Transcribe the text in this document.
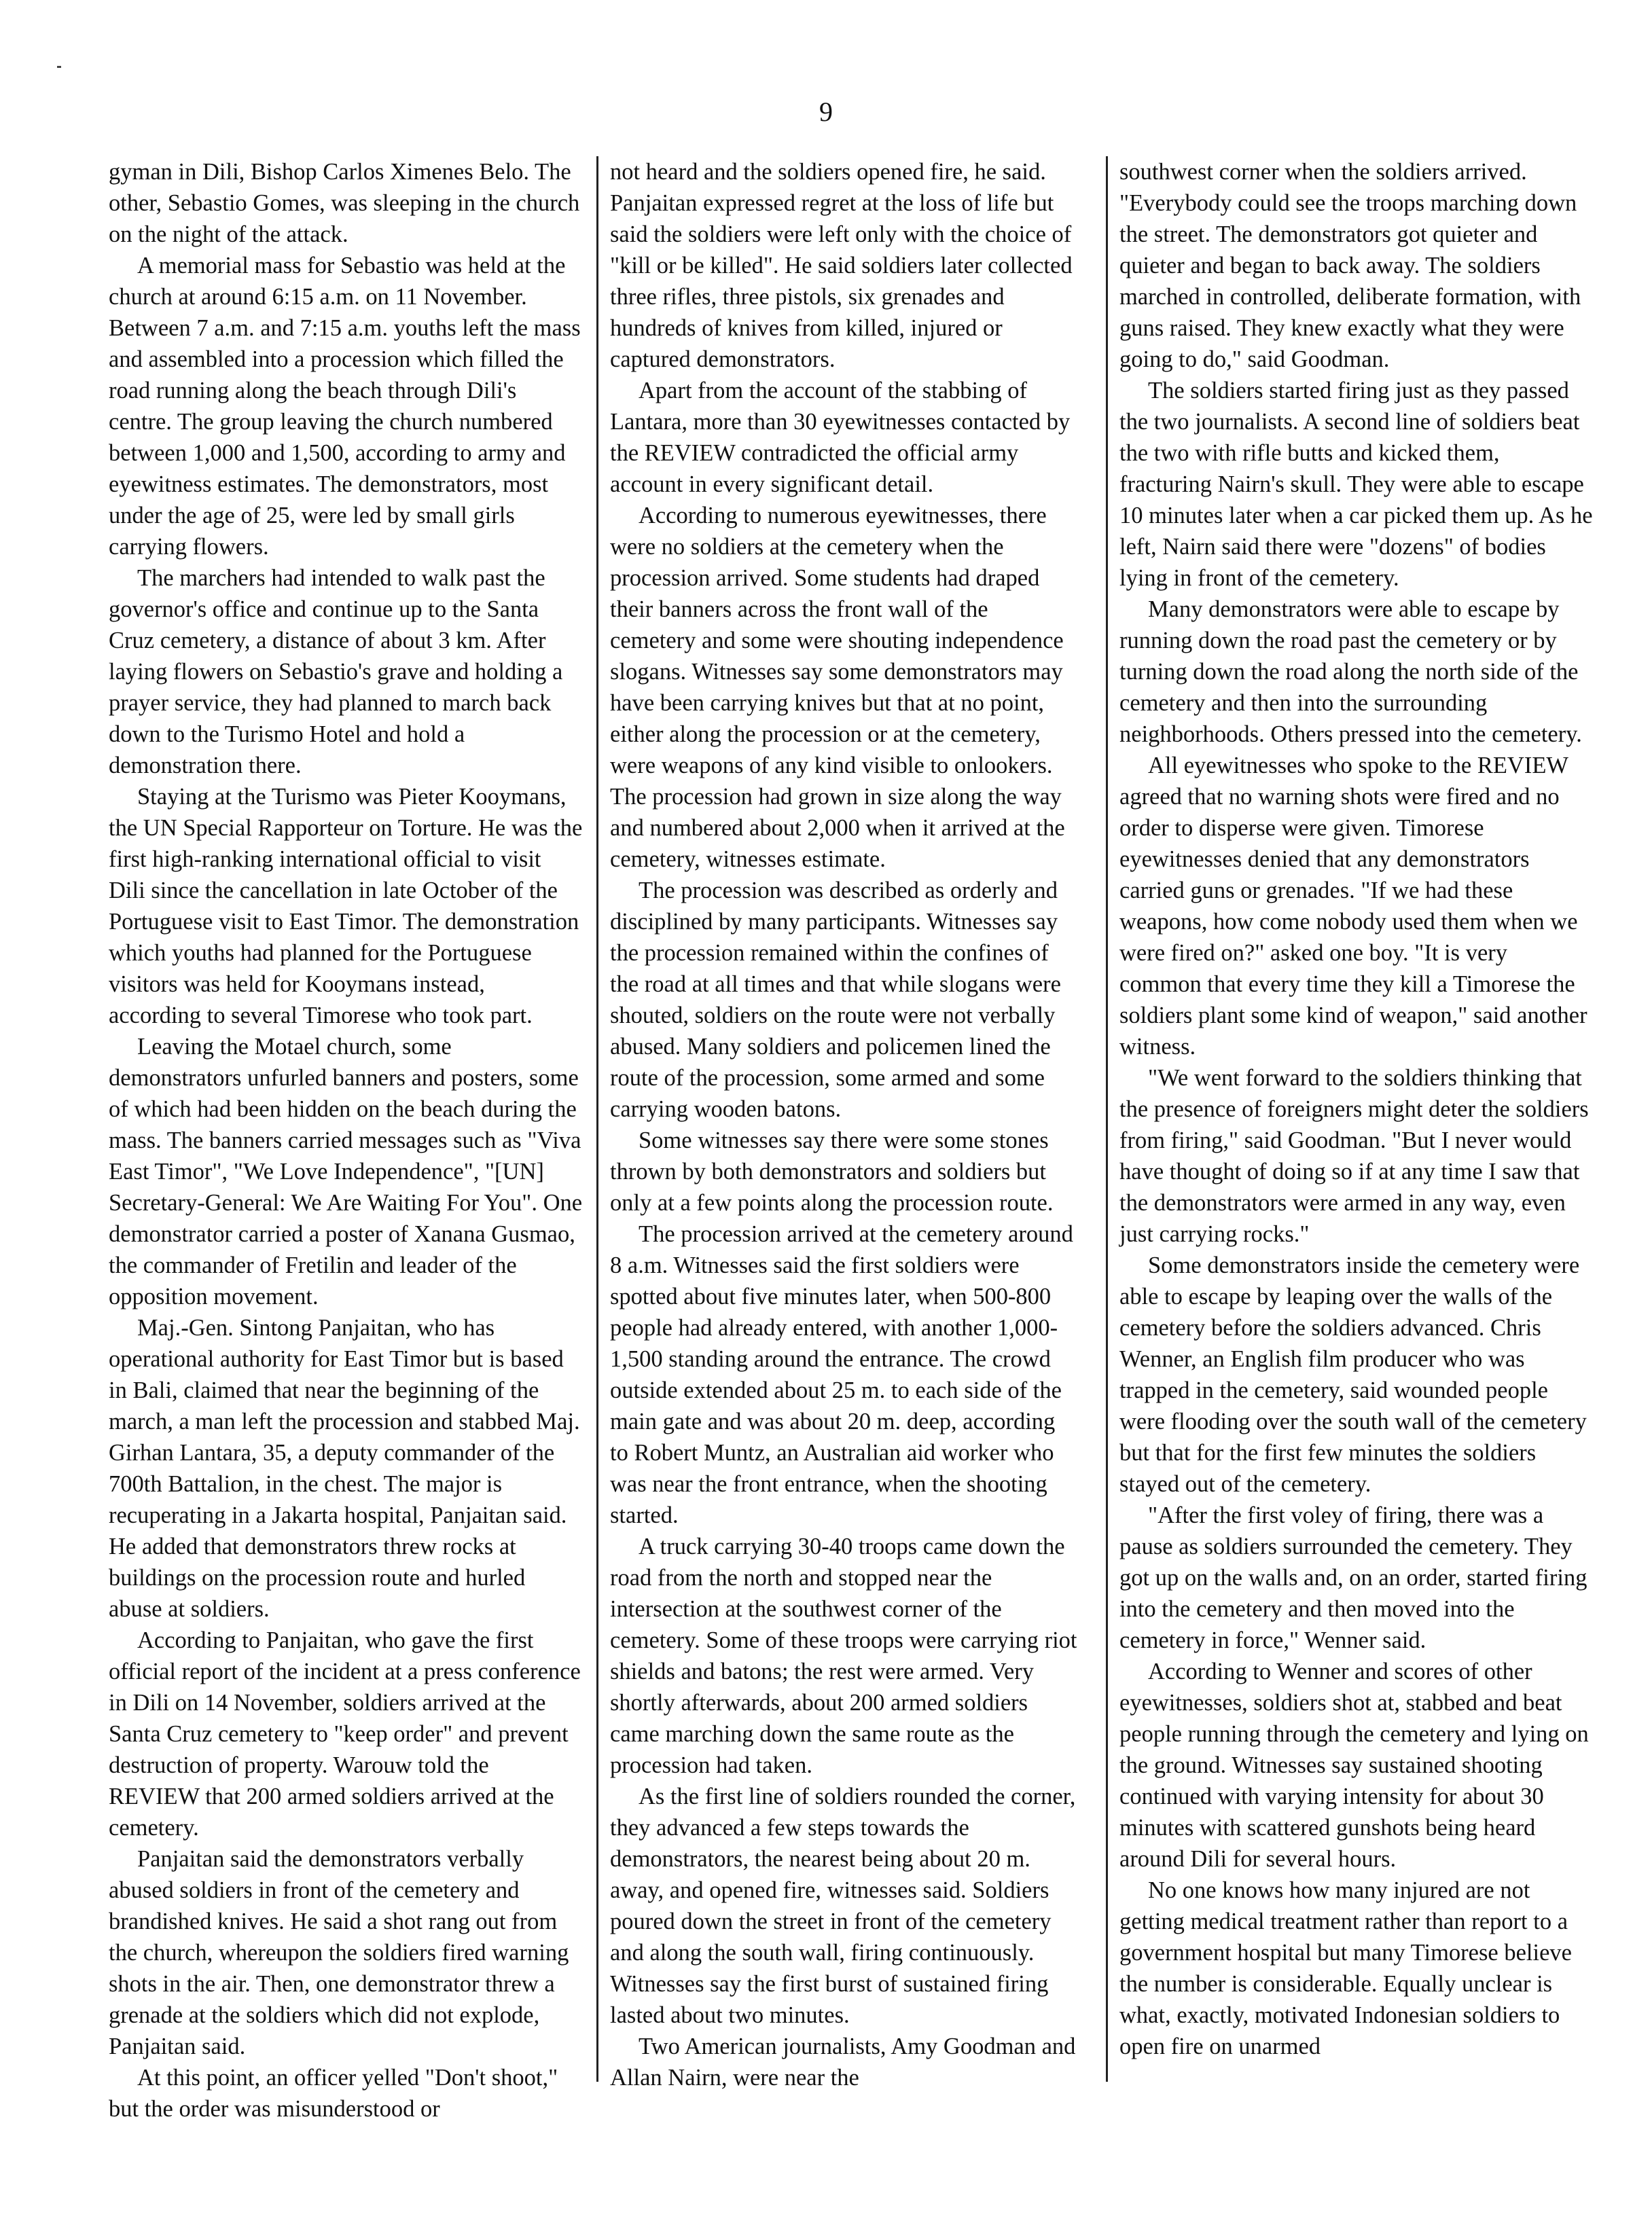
9

gyman in Dili, Bishop Carlos Ximenes Belo. The other, Sebastio Gomes, was sleeping in the church on the night of the attack.

A memorial mass for Sebastio was held at the church at around 6:15 a.m. on 11 November. Between 7 a.m. and 7:15 a.m. youths left the mass and assembled into a procession which filled the road running along the beach through Dili's centre. The group leaving the church numbered between 1,000 and 1,500, according to army and eyewitness estimates. The demonstrators, most under the age of 25, were led by small girls carrying flowers.

The marchers had intended to walk past the governor's office and continue up to the Santa Cruz cemetery, a distance of about 3 km. After laying flowers on Sebastio's grave and holding a prayer service, they had planned to march back down to the Turismo Hotel and hold a demonstration there.

Staying at the Turismo was Pieter Kooymans, the UN Special Rapporteur on Torture. He was the first high-ranking international official to visit Dili since the cancellation in late October of the Portuguese visit to East Timor. The demonstration which youths had planned for the Portuguese visitors was held for Kooymans instead, according to several Timorese who took part.

Leaving the Motael church, some demonstrators unfurled banners and posters, some of which had been hidden on the beach during the mass. The banners carried messages such as "Viva East Timor", "We Love Independence", "[UN] Secretary-General: We Are Waiting For You". One demonstrator carried a poster of Xanana Gusmao, the commander of Fretilin and leader of the opposition movement.

Maj.-Gen. Sintong Panjaitan, who has operational authority for East Timor but is based in Bali, claimed that near the beginning of the march, a man left the procession and stabbed Maj. Girhan Lantara, 35, a deputy commander of the 700th Battalion, in the chest. The major is recuperating in a Jakarta hospital, Panjaitan said. He added that demonstrators threw rocks at buildings on the procession route and hurled abuse at soldiers.

According to Panjaitan, who gave the first official report of the incident at a press conference in Dili on 14 November, soldiers arrived at the Santa Cruz cemetery to "keep order" and prevent destruction of property. Warouw told the REVIEW that 200 armed soldiers arrived at the cemetery.

Panjaitan said the demonstrators verbally abused soldiers in front of the cemetery and brandished knives. He said a shot rang out from the church, whereupon the soldiers fired warning shots in the air. Then, one demonstrator threw a grenade at the soldiers which did not explode, Panjaitan said.

At this point, an officer yelled "Don't shoot," but the order was misunderstood or

not heard and the soldiers opened fire, he said. Panjaitan expressed regret at the loss of life but said the soldiers were left only with the choice of "kill or be killed". He said soldiers later collected three rifles, three pistols, six grenades and hundreds of knives from killed, injured or captured demonstrators.

Apart from the account of the stabbing of Lantara, more than 30 eyewitnesses contacted by the REVIEW contradicted the official army account in every significant detail.

According to numerous eyewitnesses, there were no soldiers at the cemetery when the procession arrived. Some students had draped their banners across the front wall of the cemetery and some were shouting independence slogans. Witnesses say some demonstrators may have been carrying knives but that at no point, either along the procession or at the cemetery, were weapons of any kind visible to onlookers. The procession had grown in size along the way and numbered about 2,000 when it arrived at the cemetery, witnesses estimate.

The procession was described as orderly and disciplined by many participants. Witnesses say the procession remained within the confines of the road at all times and that while slogans were shouted, soldiers on the route were not verbally abused. Many soldiers and policemen lined the route of the procession, some armed and some carrying wooden batons.

Some witnesses say there were some stones thrown by both demonstrators and soldiers but only at a few points along the procession route.

The procession arrived at the cemetery around 8 a.m. Witnesses said the first soldiers were spotted about five minutes later, when 500-800 people had already entered, with another 1,000- 1,500 standing around the entrance. The crowd outside extended about 25 m. to each side of the main gate and was about 20 m. deep, according to Robert Muntz, an Australian aid worker who was near the front entrance, when the shooting started.

A truck carrying 30-40 troops came down the road from the north and stopped near the intersection at the southwest corner of the cemetery. Some of these troops were carrying riot shields and batons; the rest were armed. Very shortly afterwards, about 200 armed soldiers came marching down the same route as the procession had taken.

As the first line of soldiers rounded the corner, they advanced a few steps towards the demonstrators, the nearest being about 20 m. away, and opened fire, witnesses said. Soldiers poured down the street in front of the cemetery and along the south wall, firing continuously. Witnesses say the first burst of sustained firing lasted about two minutes.

Two American journalists, Amy Goodman and Allan Nairn, were near the

southwest corner when the soldiers arrived. "Everybody could see the troops marching down the street. The demonstrators got quieter and quieter and began to back away. The soldiers marched in controlled, deliberate formation, with guns raised. They knew exactly what they were going to do," said Goodman.

The soldiers started firing just as they passed the two journalists. A second line of soldiers beat the two with rifle butts and kicked them, fracturing Nairn's skull. They were able to escape 10 minutes later when a car picked them up. As he left, Nairn said there were "dozens" of bodies lying in front of the cemetery.

Many demonstrators were able to escape by running down the road past the cemetery or by turning down the road along the north side of the cemetery and then into the surrounding neighborhoods. Others pressed into the cemetery.

All eyewitnesses who spoke to the REVIEW agreed that no warning shots were fired and no order to disperse were given. Timorese eyewitnesses denied that any demonstrators carried guns or grenades. "If we had these weapons, how come nobody used them when we were fired on?" asked one boy. "It is very common that every time they kill a Timorese the soldiers plant some kind of weapon," said another witness.

"We went forward to the soldiers thinking that the presence of foreigners might deter the soldiers from firing," said Goodman. "But I never would have thought of doing so if at any time I saw that the demonstrators were armed in any way, even just carrying rocks."

Some demonstrators inside the cemetery were able to escape by leaping over the walls of the cemetery before the soldiers advanced. Chris Wenner, an English film producer who was trapped in the cemetery, said wounded people were flooding over the south wall of the cemetery but that for the first few minutes the soldiers stayed out of the cemetery.

"After the first voley of firing, there was a pause as soldiers surrounded the cemetery. They got up on the walls and, on an order, started firing into the cemetery and then moved into the cemetery in force," Wenner said.

According to Wenner and scores of other eyewitnesses, soldiers shot at, stabbed and beat people running through the cemetery and lying on the ground. Witnesses say sustained shooting continued with varying intensity for about 30 minutes with scattered gunshots being heard around Dili for several hours.

No one knows how many injured are not getting medical treatment rather than report to a government hospital but many Timorese believe the number is considerable. Equally unclear is what, exactly, motivated Indonesian soldiers to open fire on unarmed
